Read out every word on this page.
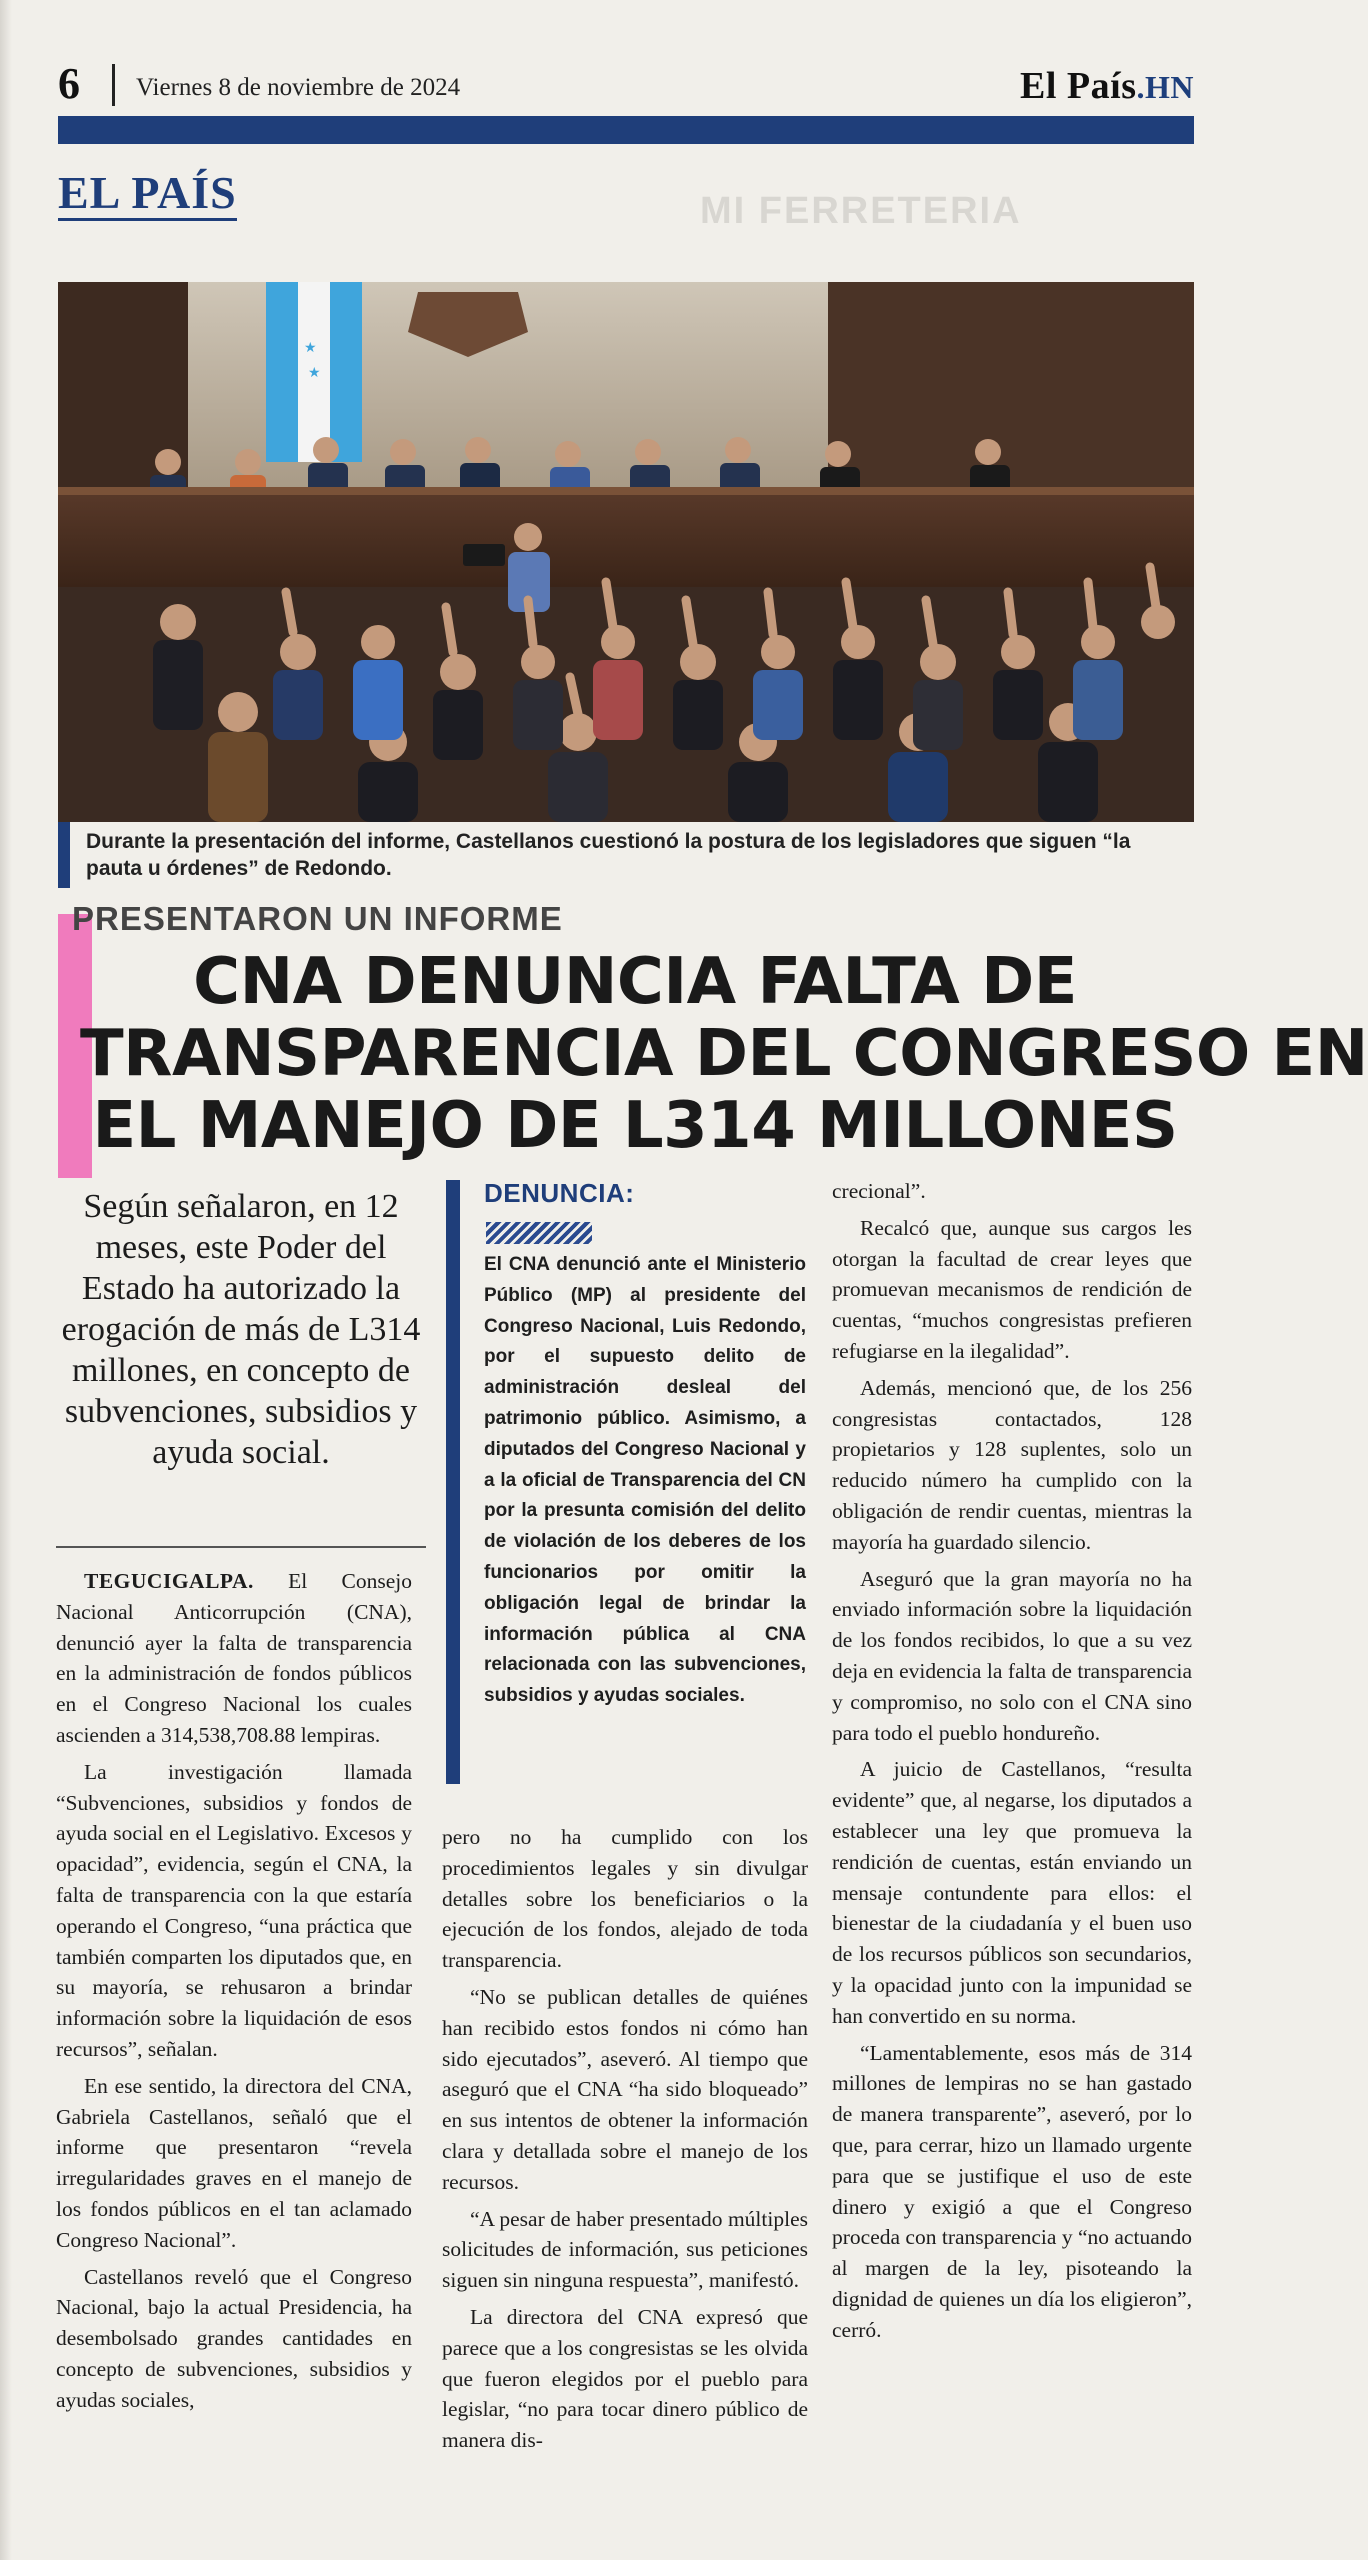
6 Viernes 8 de noviembre de 2024	El País.HN
EL PAÍS	MI FERRETERIA
★
★
Durante la presentación del informe, Castellanos cuestionó la postura de los legisladores que siguen “la pauta u órdenes” de Redondo.
PRESENTARON UN INFORME
CNA DENUNCIA FALTA DE
TRANSPARENCIA DEL CONGRESO EN
EL MANEJO DE L314 MILLONES
Según señalaron, en 12 meses, este Poder del Estado ha autorizado la erogación de más de L314 millones, en concepto de subvenciones, subsidios y ayuda social.

TEGUCIGALPA. El Consejo Nacional Anticorrupción (CNA), denunció ayer la falta de transparencia en la administración de fondos públicos en el Congreso Nacional los cuales ascienden a 314,538,708.88 lempiras.

La investigación llamada “Subvenciones, subsidios y fondos de ayuda social en el Legislativo. Excesos y opacidad”, evidencia, según el CNA, la falta de transparencia con la que estaría operando el Congreso, “una práctica que también comparten los diputados que, en su mayoría, se rehusaron a brindar información sobre la liquidación de esos recursos”, señalan.

En ese sentido, la directora del CNA, Gabriela Castellanos, señaló que el informe que presentaron “revela irregularidades graves en el manejo de los fondos públicos en el tan aclamado Congreso Nacional”.

Castellanos reveló que el Congreso Nacional, bajo la actual Presidencia, ha desembolsado grandes cantidades en concepto de subvenciones, subsidios y ayudas sociales,

DENUNCIA:
El CNA denunció ante el Ministerio Público (MP) al presidente del Congreso Nacional, Luis Redondo, por el supuesto delito de administración desleal del patrimonio público. Asimismo, a diputados del Congreso Nacional y a la oficial de Transparencia del CN por la presunta comisión del delito de violación de los deberes de los funcionarios por omitir la obligación legal de brindar la información pública al CNA relacionada con las subvenciones, subsidios y ayudas sociales.

pero no ha cumplido con los procedimientos legales y sin divulgar detalles sobre los beneficiarios o la ejecución de los fondos, alejado de toda transparencia.

“No se publican detalles de quiénes han recibido estos fondos ni cómo han sido ejecutados”, aseveró. Al tiempo que aseguró que el CNA “ha sido bloqueado” en sus intentos de obtener la información clara y detallada sobre el manejo de los recursos.

“A pesar de haber presentado múltiples solicitudes de información, sus peticiones siguen sin ninguna respuesta”, manifestó.

La directora del CNA expresó que parece que a los congresistas se les olvida que fueron elegidos por el pueblo para legislar, “no para tocar dinero público de manera dis-

crecional”.

Recalcó que, aunque sus cargos les otorgan la facultad de crear leyes que promuevan mecanismos de rendición de cuentas, “muchos congresistas prefieren refugiarse en la ilegalidad”.

Además, mencionó que, de los 256 congresistas contactados, 128 propietarios y 128 suplentes, solo un reducido número ha cumplido con la obligación de rendir cuentas, mientras la mayoría ha guardado silencio.

Aseguró que la gran mayoría no ha enviado información sobre la liquidación de los fondos recibidos, lo que a su vez deja en evidencia la falta de transparencia y compromiso, no solo con el CNA sino para todo el pueblo hondureño.

A juicio de Castellanos, “resulta evidente” que, al negarse, los diputados a establecer una ley que promueva la rendición de cuentas, están enviando un mensaje contundente para ellos: el bienestar de la ciudadanía y el buen uso de los recursos públicos son secundarios, y la opacidad junto con la impunidad se han convertido en su norma.

“Lamentablemente, esos más de 314 millones de lempiras no se han gastado de manera transparente”, aseveró, por lo que, para cerrar, hizo un llamado urgente para que se justifique el uso de este dinero y exigió a que el Congreso proceda con transparencia y “no actuando al margen de la ley, pisoteando la dignidad de quienes un día los eligieron”, cerró.
